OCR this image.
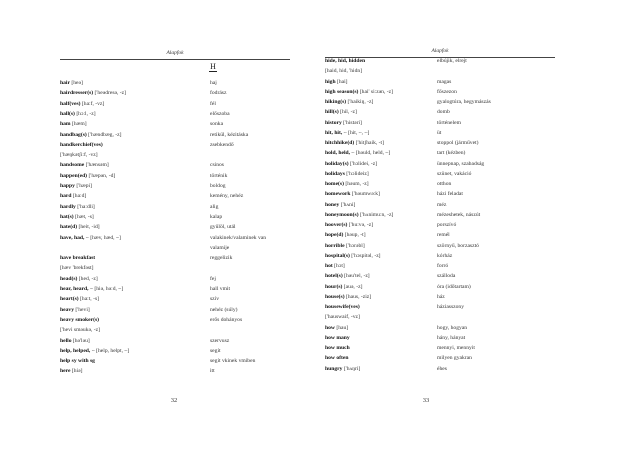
Alapfok
H
hair [heə]	haj
hairdresser(s) ['heədresə, -z]	fodrász
half(ves) [ha:f, -vz]	fél
hall(s) [hɔ:l, -z]	előszoba
ham [hæm]	sonka
handbag(s) ['hændbæg, -z]	retikül, kézitáska
handkerchief(ves)	zsebkendő
['hæŋkətʃi:f, -vz]
handsome ['hænsəm]	csinos
happen(ed) ['hæpən, -d]	történik
happy ['hæpi]	boldog
hard [ha:d]	kemény, nehéz
hardly ['ha:dli]	alig
hat(s) [hæt, -s]	kalap
hate(d) [heit, -id]	gyűlöl, utál
have, had, ~ [hæv, hæd, ~]	valakinek/valaminek van
valamije
have breakfast	reggelizik
[hæv 'brekfəst]
head(s) [hed, -z]	fej
hear, heard, ~ [hiə, hə:d, ~]	hall vmit
heart(s) [ha:t, -s]	szív
heavy ['hevi]	nehéz (súly)
heavy smoker(s)	erős dohányos
['hevi sməukə, -z]
hello [hə'ləu]	szervusz
help, helped, ~ [help, helpt, ~]	segít
help sy with sg	segít vkinek vmiben
here [hiə]	itt
32
Alapfok
hide, hid, hidden	elbújik, elrejt
[haid, hid, 'hidn]
high [hai]	magas
high season(s) [hai' si:zən, -z]	főszezon
hiking(s) ['haikiŋ, -z]	gyalogtúra, hegymászás
hill(s) [hil, -z]	domb
history ['histəri]	történelem
hit, hit, ~ [hit, ~, ~]	üt
hitchhike(d) ['hitʃhaik, -t]	stoppol (járművet)
hold, held, ~ [həuld, held, ~]	tart (kézben)
holiday(s) ['hɔlidei, -z]	ünnepnap, szabadság
holidays ['hɔlideiz]	szünet, vakáció
home(s) [həum, -z]	otthon
homework ['həumwə:k]	házi feladat
honey ['hʌni]	méz
honeymoon(s) ['hʌnimu:n, -z]	mézeshetek, nászút
hoover(s) ['hu:və, -z]	porszívó
hope(d) [həup, -t]	remél
horrible ['hɔrəbl]	szörnyű, borzasztó
hospital(s) ['hɔspitəl, -z]	kórház
hot [hɔt]	forró
hotel(s) [həu'tel, -z]	szálloda
hour(s) [auə, -z]	óra (időtartam)
house(s) [haus, -ziz]	ház
housewife(ves)	háziasszony
['hauswaif, -vz]
how [hau]	hogy, hogyan
how many	hány, hányat
how much	mennyi, mennyit
how often	milyen gyakran
hungry ['hʌŋri]	éhes
33
